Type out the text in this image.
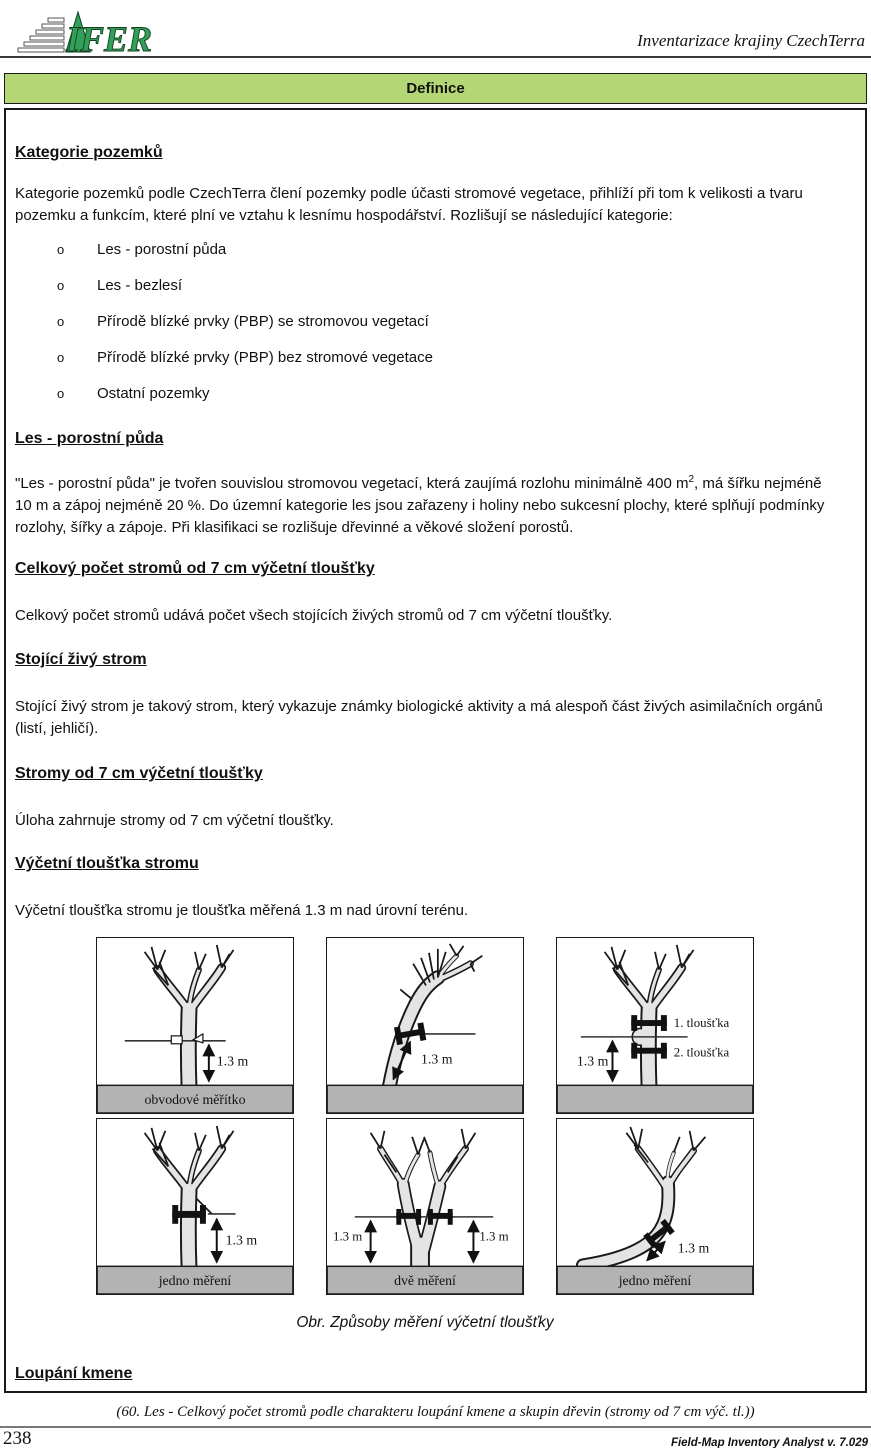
IFER	Inventarizace krajiny CzechTerra
Definice
Kategorie pozemků
Kategorie pozemků podle CzechTerra člení pozemky podle účasti stromové vegetace, přihlíží při tom k velikosti a tvaru pozemku a funkcím, které plní ve vztahu k lesnímu hospodářství. Rozlišují se následující kategorie:
o Les - porostní půda
o Les - bezlesí
o Přírodě blízké prvky (PBP) se stromovou vegetací
o Přírodě blízké prvky (PBP) bez stromové vegetace
o Ostatní pozemky
Les - porostní půda
"Les - porostní půda" je tvořen souvislou stromovou vegetací, která zaujímá rozlohu minimálně 400 $m^2$, má šířku nejméně 10 m a zápoj nejméně 20 %. Do územní kategorie les jsou zařazeny i holiny nebo sukcesní plochy, které splňují podmínky rozlohy, šířky a zápoje. Při klasifikaci se rozlišuje dřevinné a věkové složení porostů.
Celkový počet stromů od 7 cm výčetní tloušťky
Celkový počet stromů udává počet všech stojících živých stromů od 7 cm výčetní tloušťky.
Stojící živý strom
Stojící živý strom je takový strom, který vykazuje známky biologické aktivity a má alespoň část živých asimilačních orgánů (listí, jehličí).
Stromy od 7 cm výčetní tloušťky
Úloha zahrnuje stromy od 7 cm výčetní tloušťky.
Výčetní tloušťka stromu
Výčetní tloušťka stromu je tloušťka měřená 1.3 m nad úrovní terénu.
1.3 m
obvodové měřítko
1.3 m	1.3 m
1. tloušťka
2. tloušťka
1.3 m
jedno měření
1.3 m	1.3 m
dvě měření
1.3 m
jedno měření
Obr. Způsoby měření výčetní tloušťky
Loupání kmene
(60. Les - Celkový počet stromů podle charakteru loupání kmene a skupin dřevin (stromy od 7 cm výč. tl.))
238	Field-Map Inventory Analyst v. 7.029
